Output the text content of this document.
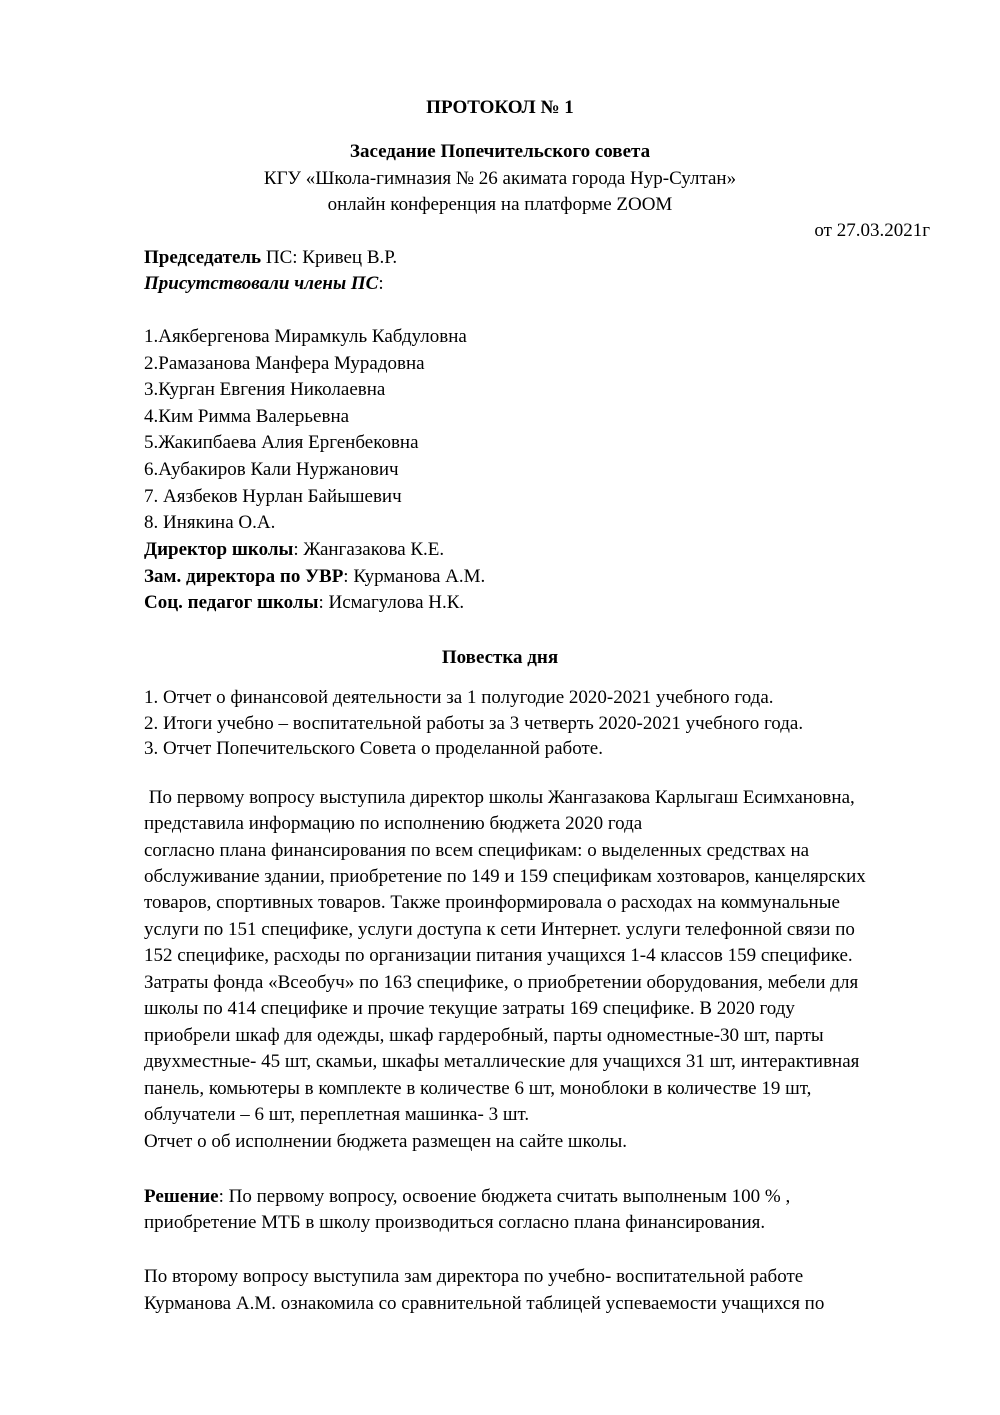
ПРОТОКОЛ № 1
Заседание Попечительского совета
КГУ «Школа-гимназия № 26 акимата города Нур-Султан»
онлайн конференция на платформе ZOOM
от 27.03.2021г
Председатель ПС: Кривец В.Р.
Присутствовали члены ПС:
1.Аякбергенова Мирамкуль Кабдуловна
2.Рамазанова Манфера Мурадовна
3.Курган Евгения Николаевна
4.Ким Римма Валерьевна
5.Жакипбаева Алия Ергенбековна
6.Аубакиров Кали Нуржанович
7. Аязбеков Нурлан Байышевич
8. Инякина О.А.
Директор школы: Жангазакова К.Е.
Зам. директора по УВР: Курманова А.М.
Соц. педагог школы: Исмагулова Н.К.
Повестка дня
1. Отчет о финансовой деятельности за 1 полугодие 2020-2021 учебного года.
2. Итоги учебно – воспитательной работы за 3 четверть 2020-2021 учебного года.
3. Отчет Попечительского Совета о проделанной работе.
По первому вопросу выступила директор школы Жангазакова Карлыгаш Есимхановна,
представила информацию по исполнению бюджета 2020 года
согласно плана финансирования по всем спецификам: о выделенных средствах на
обслуживание здании, приобретение по 149 и 159 спецификам хозтоваров, канцелярских
товаров, спортивных товаров. Также проинформировала о расходах на коммунальные
услуги по 151 специфике, услуги доступа к сети Интернет. услуги телефонной связи по
152 специфике, расходы по организации питания учащихся 1-4 классов 159 специфике.
Затраты фонда «Всеобуч» по 163 специфике, о приобретении оборудования, мебели для
школы по 414 специфике и прочие текущие затраты 169 специфике. В 2020 году
приобрели шкаф для одежды, шкаф гардеробный, парты одноместные-30 шт, парты
двухместные- 45 шт, скамьи, шкафы металлические для учащихся 31 шт, интерактивная
панель, комьютеры в комплекте в количестве 6 шт, моноблоки в количестве 19 шт,
облучатели – 6 шт, переплетная машинка- 3 шт.
Отчет о об исполнении бюджета размещен на сайте школы.
Решение: По первому вопросу, освоение бюджета считать выполненым 100 % ,
приобретение МТБ в школу производиться согласно плана финансирования.
По второму вопросу выступила зам директора по учебно- воспитательной работе
Курманова А.М. ознакомила со сравнительной таблицей успеваемости учащихся по
